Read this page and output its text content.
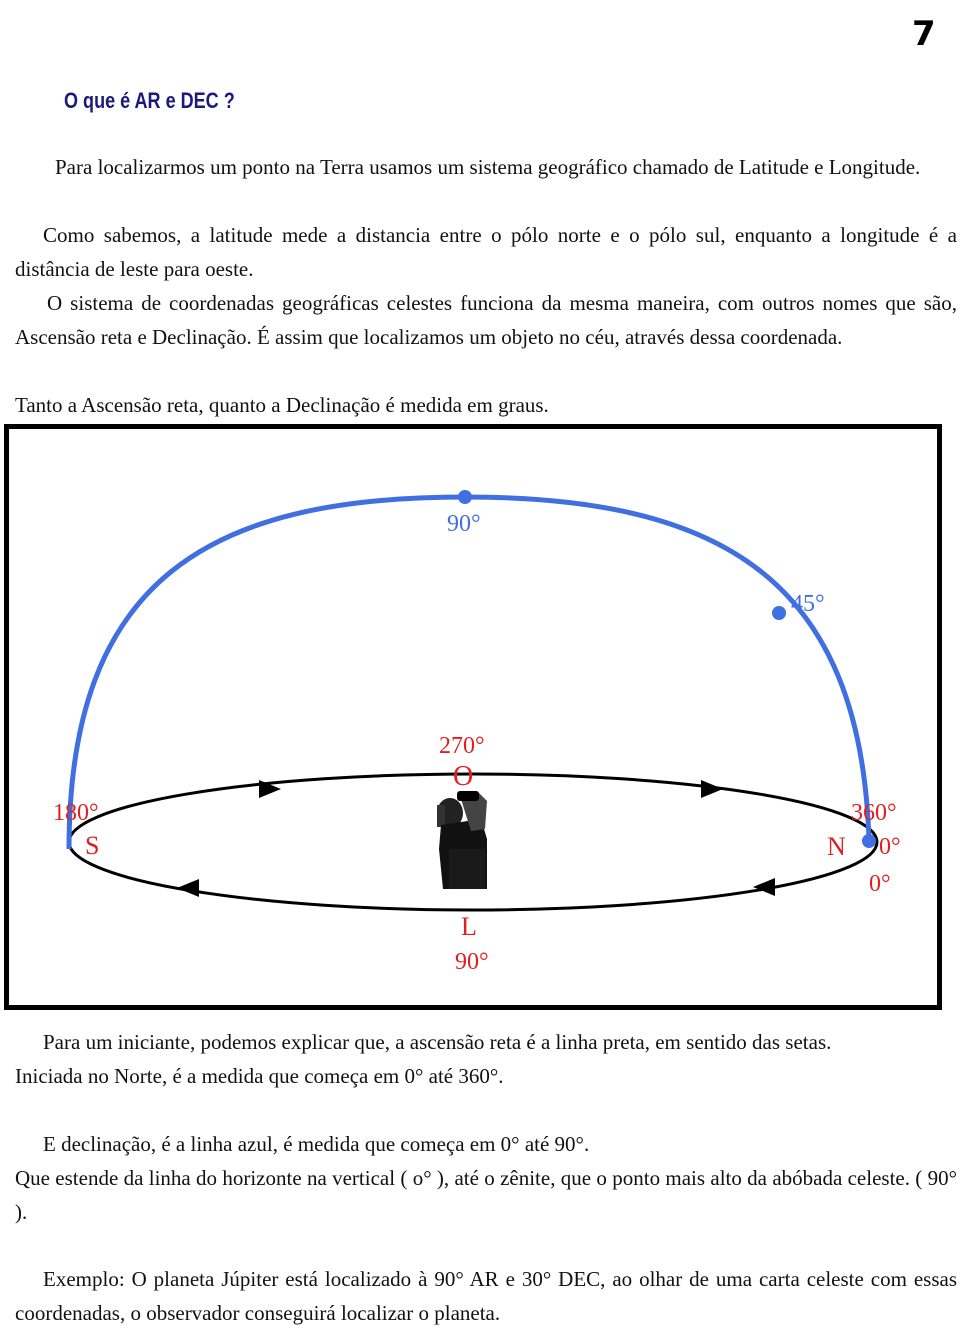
7
O que é AR e DEC ?
Para localizarmos um ponto na Terra usamos um sistema geográfico chamado de Latitude e Longitude.
Como sabemos, a latitude mede a distancia entre o pólo norte e o pólo sul, enquanto a longitude é a distância de leste para oeste.
O sistema de coordenadas geográficas celestes funciona da mesma maneira, com outros nomes que são, Ascensão reta e Declinação. É assim que localizamos um objeto no céu, através dessa coordenada.
Tanto a Ascensão reta, quanto a Declinação é medida em graus.
90°
45°
270°
O
180°
S
360°
N 0°
0°
L
90°
Para um iniciante, podemos explicar que, a ascensão reta é a linha preta, em sentido das setas.
Iniciada no Norte, é a medida que começa em 0° até 360°.
E declinação, é a linha azul, é medida que começa em 0° até 90°.
Que estende da linha do horizonte na vertical ( o° ), até o zênite, que o ponto mais alto da abóbada celeste. ( 90° ).
Exemplo: O planeta Júpiter está localizado à 90° AR e 30° DEC, ao olhar de uma carta celeste com essas coordenadas, o observador conseguirá localizar o planeta.
